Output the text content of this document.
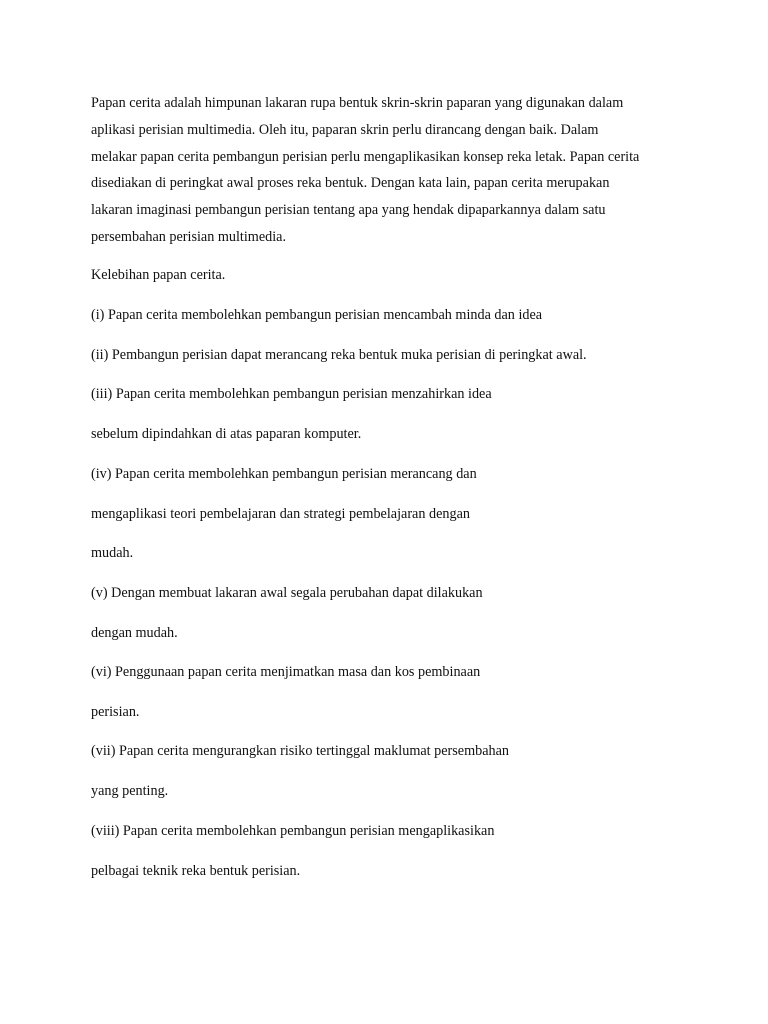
Papan cerita adalah himpunan lakaran rupa bentuk skrin-skrin paparan yang digunakan dalam
aplikasi perisian multimedia. Oleh itu, paparan skrin perlu dirancang dengan baik. Dalam
melakar papan cerita pembangun perisian perlu mengaplikasikan konsep reka letak. Papan cerita
disediakan di peringkat awal proses reka bentuk. Dengan kata lain, papan cerita merupakan
lakaran imaginasi pembangun perisian tentang apa yang hendak dipaparkannya dalam satu
persembahan perisian multimedia.
Kelebihan papan cerita.
(i) Papan cerita membolehkan pembangun perisian mencambah minda dan idea
(ii) Pembangun perisian dapat merancang reka bentuk muka perisian di peringkat awal.
(iii) Papan cerita membolehkan pembangun perisian menzahirkan idea
sebelum dipindahkan di atas paparan komputer.
(iv) Papan cerita membolehkan pembangun perisian merancang dan
mengaplikasi teori pembelajaran dan strategi pembelajaran dengan
mudah.
(v) Dengan membuat lakaran awal segala perubahan dapat dilakukan
dengan mudah.
(vi) Penggunaan papan cerita menjimatkan masa dan kos pembinaan
perisian.
(vii) Papan cerita mengurangkan risiko tertinggal maklumat persembahan
yang penting.
(viii) Papan cerita membolehkan pembangun perisian mengaplikasikan
pelbagai teknik reka bentuk perisian.
